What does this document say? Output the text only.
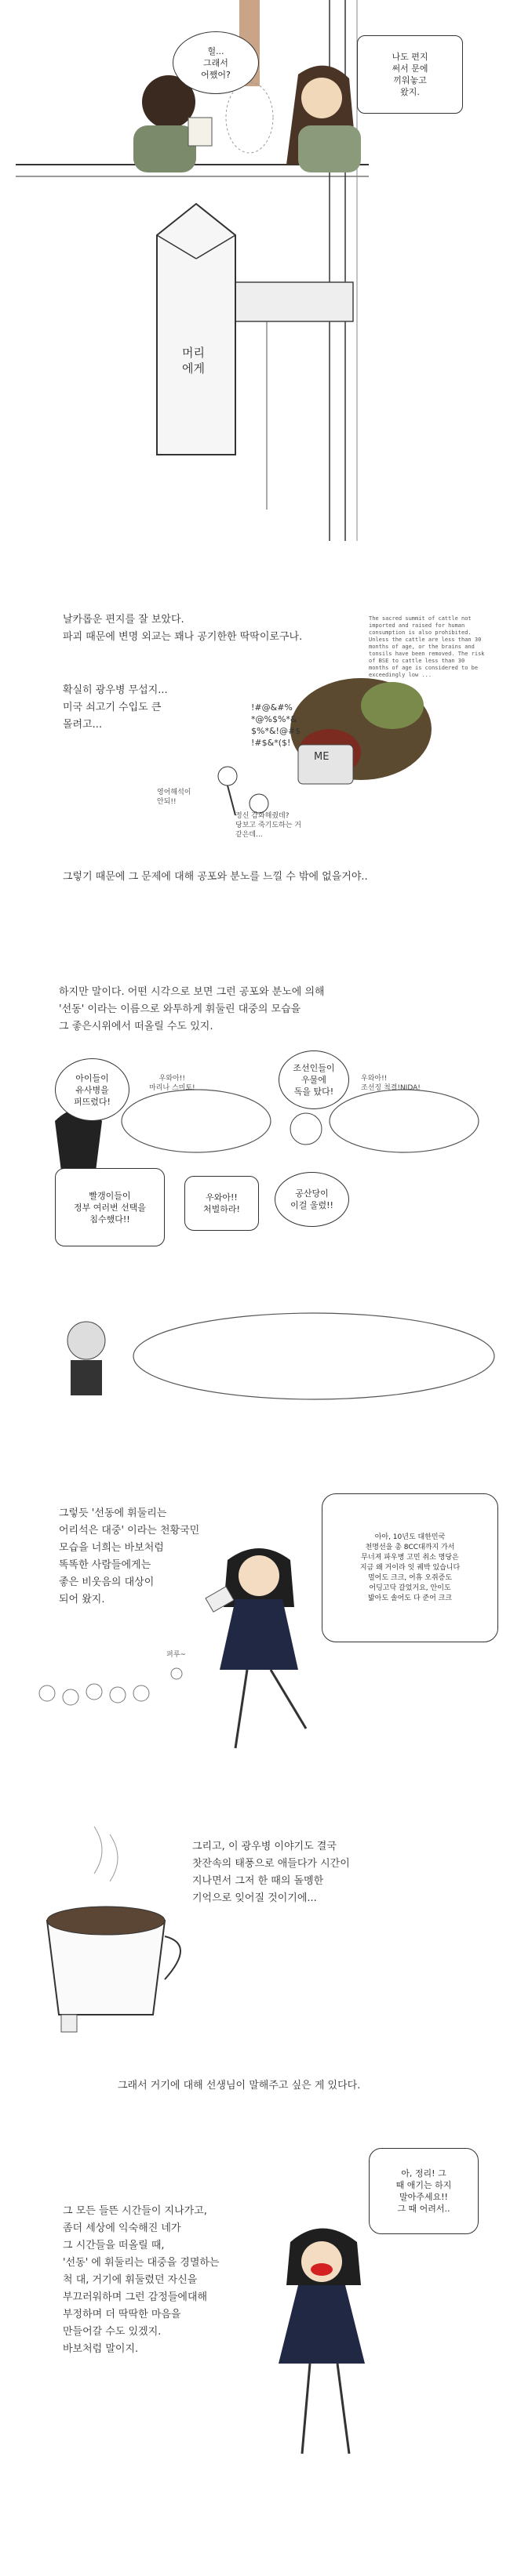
헐...
그래서
어쨌어?
나도 편지
써서 문에
끼워놓고
왔지.
머리
에게
날카롭운 편지를 잘 보았다.
파괴 때문에 변명 외교는 꽤나 공기한한 딱딱이로구나.
The sacred summit of cattle not imported and raised for human consumption is also prohibited. Unless the cattle are less than 30 months of age, or the brains and tonsils have been removed. The risk of BSE to cattle less than 30 months of age is considered to be exceedingly low ...
확실히 광우병 무섭지...
미국 쇠고기 수입도 큰
몰려고...
!#@&#%
*@%$%*&
$%*&!@#$
!#$&*($!
ME
영어해석이
안되!!
정신 감화해줬데?
당보고 죽기도하는 거
같은데...
그렇기 때문에 그 문제에 대해 공포와 분노를 느낄 수 밖에 없을거야..
하지만 말이다. 어떤 시각으로 보면 그런 공포와 분노에 의해
'선동' 이라는 이름으로 와투하게 휘둘린 대중의 모습을
그 좋은시위에서 떠올릴 수도 있지.
아이들이
유사병을
퍼뜨렸다!
우와아!!
마리나 스미토!
조선인들이
우물에
독을 탔다!
우와아!!
조선징 척결!NIDA!
빨갱이들이
정부 여러번 선택을
침수했다!!
우와아!!
처벌하라!
공산당이
이걸 울렸!!
그렇듯 '선동에 휘둘리는
어리석은 대중' 이라는 천황국민
모습을 너희는 바보처럼
똑똑한 사람들에게는
좋은 비웃음의 대상이
되어 왔지.
아아, 10년도 대한민국
천명선을 총 8CC대까지 가서
무너져 파우병 고민 취소 명당은
지금 왜 거이라 잇 궤박 있습니다
멀어도 크크, 어휴 오쥐증도
어딩고닥 갈었거요, 안이도
밟아도 솔어도 다 준어 크크
퍼루~
그리고, 이 광우병 이야기도 결국
찻잔속의 태풍으로 애들다가 시간이
지나면서 그저 한 때의 돌멩한
기억으로 잊어질 것이기에...
그래서 거기에 대해 선생님이 말해주고 싶은 게 있다다.
그 모든 들뜬 시간들이 지나가고,
좀더 세상에 익숙해진 네가
그 시간들을 떠올릴 때,
'선동' 에 휘둘리는 대중을 경멸하는
척 대, 거기에 휘둘렸던 자신을
부끄러워하며 그런 감정들에대해
부정하며 더 딱딱한 마음을
만들어갈 수도 있겠지.
바보처럼 말이지.
아, 정리! 그
때 애기는 하지
말아주세요!!
그 때 어려서..
